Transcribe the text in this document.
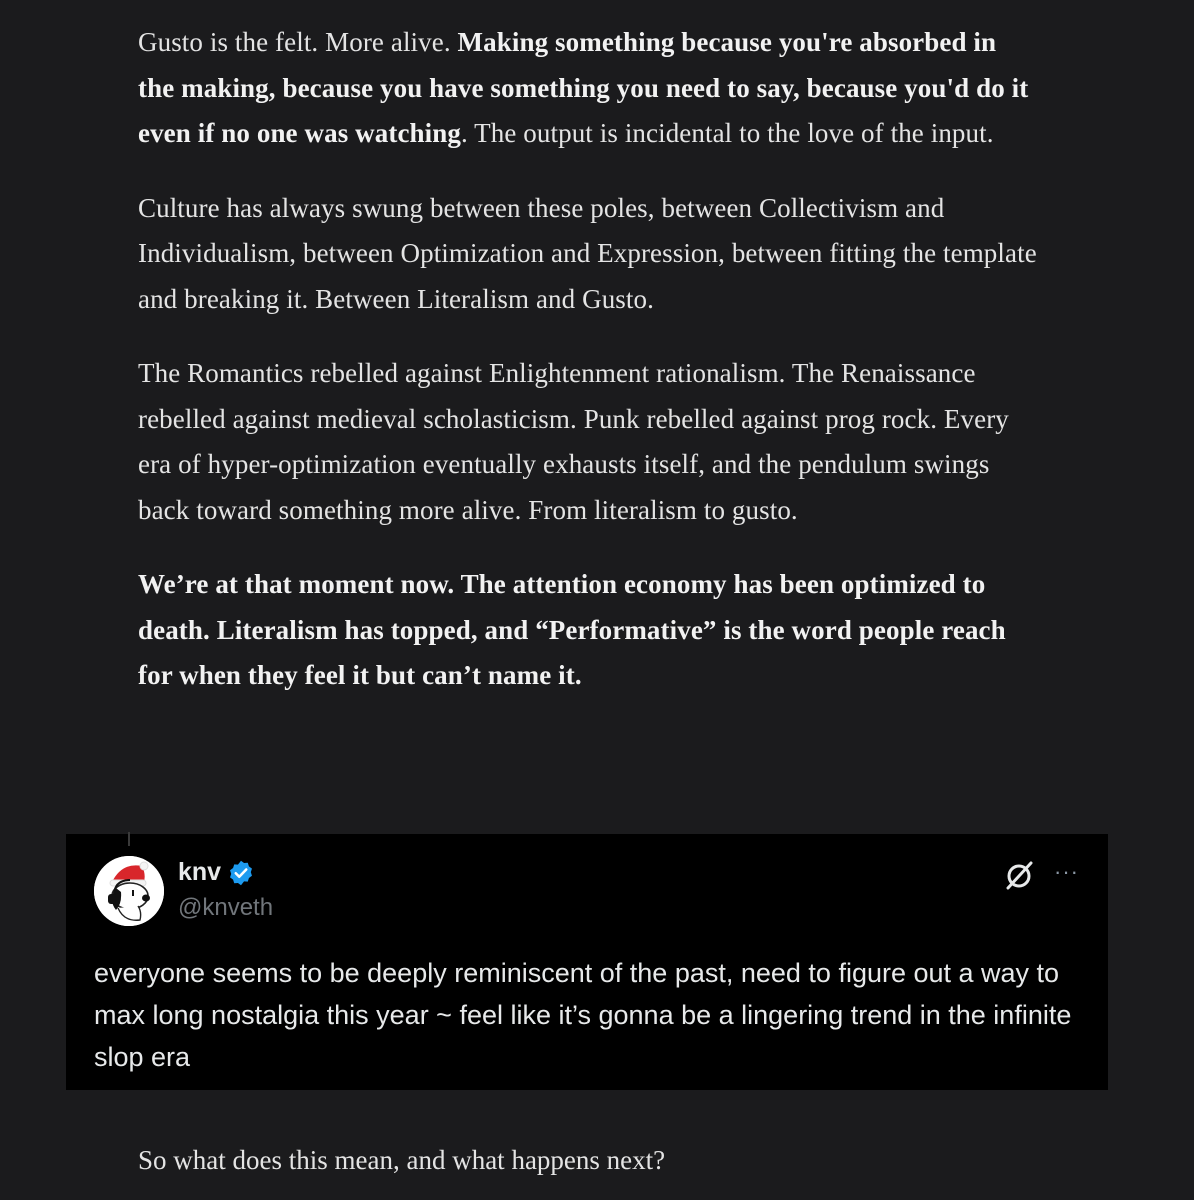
Gusto is the felt. More alive. Making something because you're absorbed in the making, because you have something you need to say, because you'd do it even if no one was watching. The output is incidental to the love of the input.

Culture has always swung between these poles, between Collectivism and Individualism, between Optimization and Expression, between fitting the template and breaking it. Between Literalism and Gusto.

The Romantics rebelled against Enlightenment rationalism. The Renaissance rebelled against medieval scholasticism. Punk rebelled against prog rock. Every era of hyper-optimization eventually exhausts itself, and the pendulum swings back toward something more alive. From literalism to gusto.

We’re at that moment now. The attention economy has been optimized to death. Literalism has topped, and “Performative” is the word people reach for when they feel it but can’t name it.

knv
@knveth
···
everyone seems to be deeply reminiscent of the past, need to figure out a way to max long nostalgia this year ~ feel like it’s gonna be a lingering trend in the infinite slop era
So what does this mean, and what happens next?
